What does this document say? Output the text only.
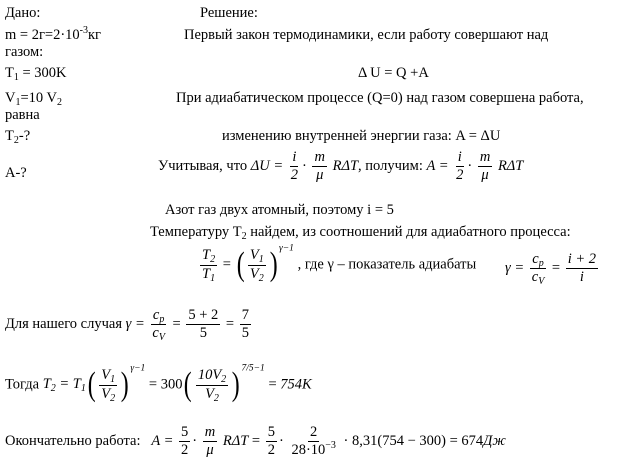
Дано:	Решение:
$m = 2г=2\cdot 10^{-3}кг$	Первый закон термодинамики, если работу совершают над
газом:
$T_1 = 300K$	Δ U = Q +A
$V_1=10$ $V_2$	При адиабатическом процессе (Q=0) над газом совершена работа,
равна
$T_2-$?	изменению внутренней энергии газа: A = ΔU
A-?	Учитывая, что $\Delta U = \frac{i}{2} \cdot \frac{m}{\mu} R\Delta T$, получим: $A = \frac{i}{2} \cdot \frac{m}{\mu}$ RΔT
Азот газ двух атомный, поэтому i = 5
Температуру $T_2$ найдем, из соотношений для адиабатного процесса:
$\frac{T_2}{T_1}$ = ( $\frac{V_1}{V_2}$ ) $^{\gamma-1}$ , где γ – показатель адиабаты $\gamma = \frac{c_p}{c_V} = \frac{i + 2}{i}$
Для нашего случая $\gamma = \frac{c_p}{c_V} = \frac{5 + 2}{5} = \frac{7}{5}$
Тогда $T_2 = T_1( \frac{V_1}{V_2}$ ) $^{\gamma-1} = 300( \frac{10V_2}{V_2}$ ) $^{7/5-1}$ = 754K
Окончательно работа:   $A = \frac{5}{2} \cdot \frac{m}{\mu}$ $R\Delta T = \frac{5}{2} \cdot \frac{2}{28\cdot 10^{-3}} \cdot 8,31(754 - 300) = 674Дж$
